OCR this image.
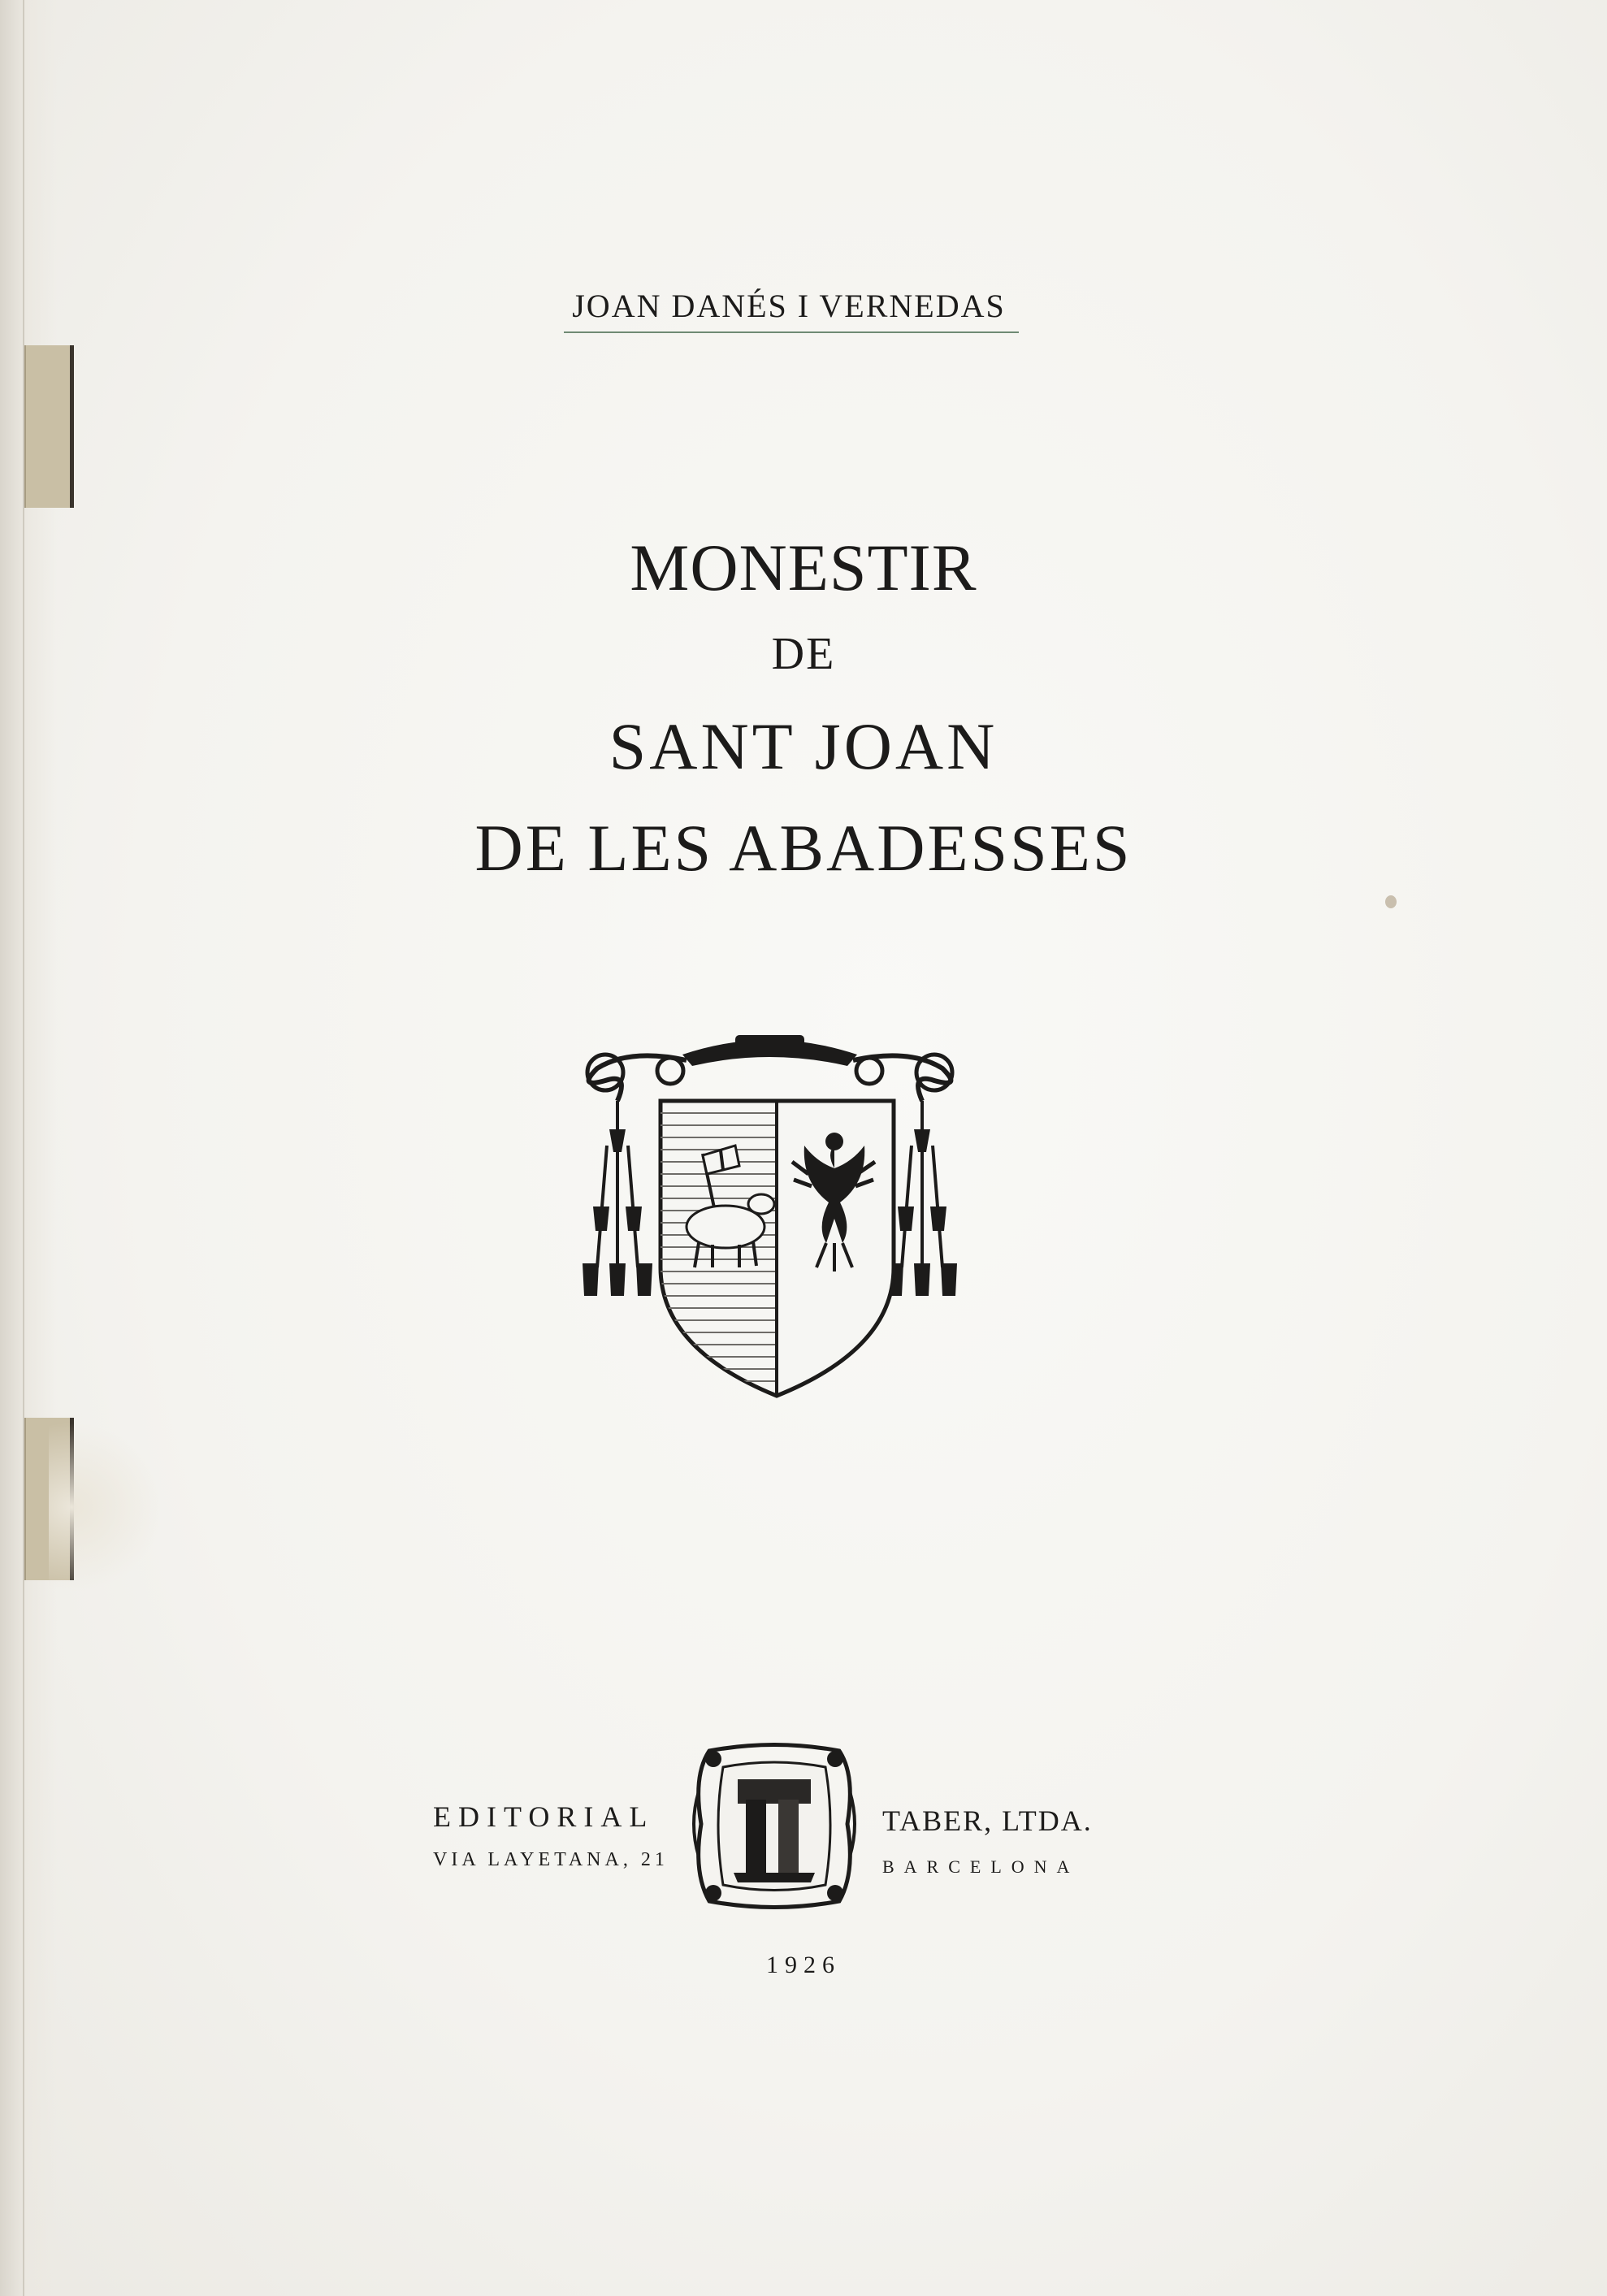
JOAN DANÉS I VERNEDAS
MONESTIR
DE
SANT JOAN
DE LES ABADESSES
EDITORIAL
VIA LAYETANA, 21
TABER, LTDA.
BARCELONA
1926
